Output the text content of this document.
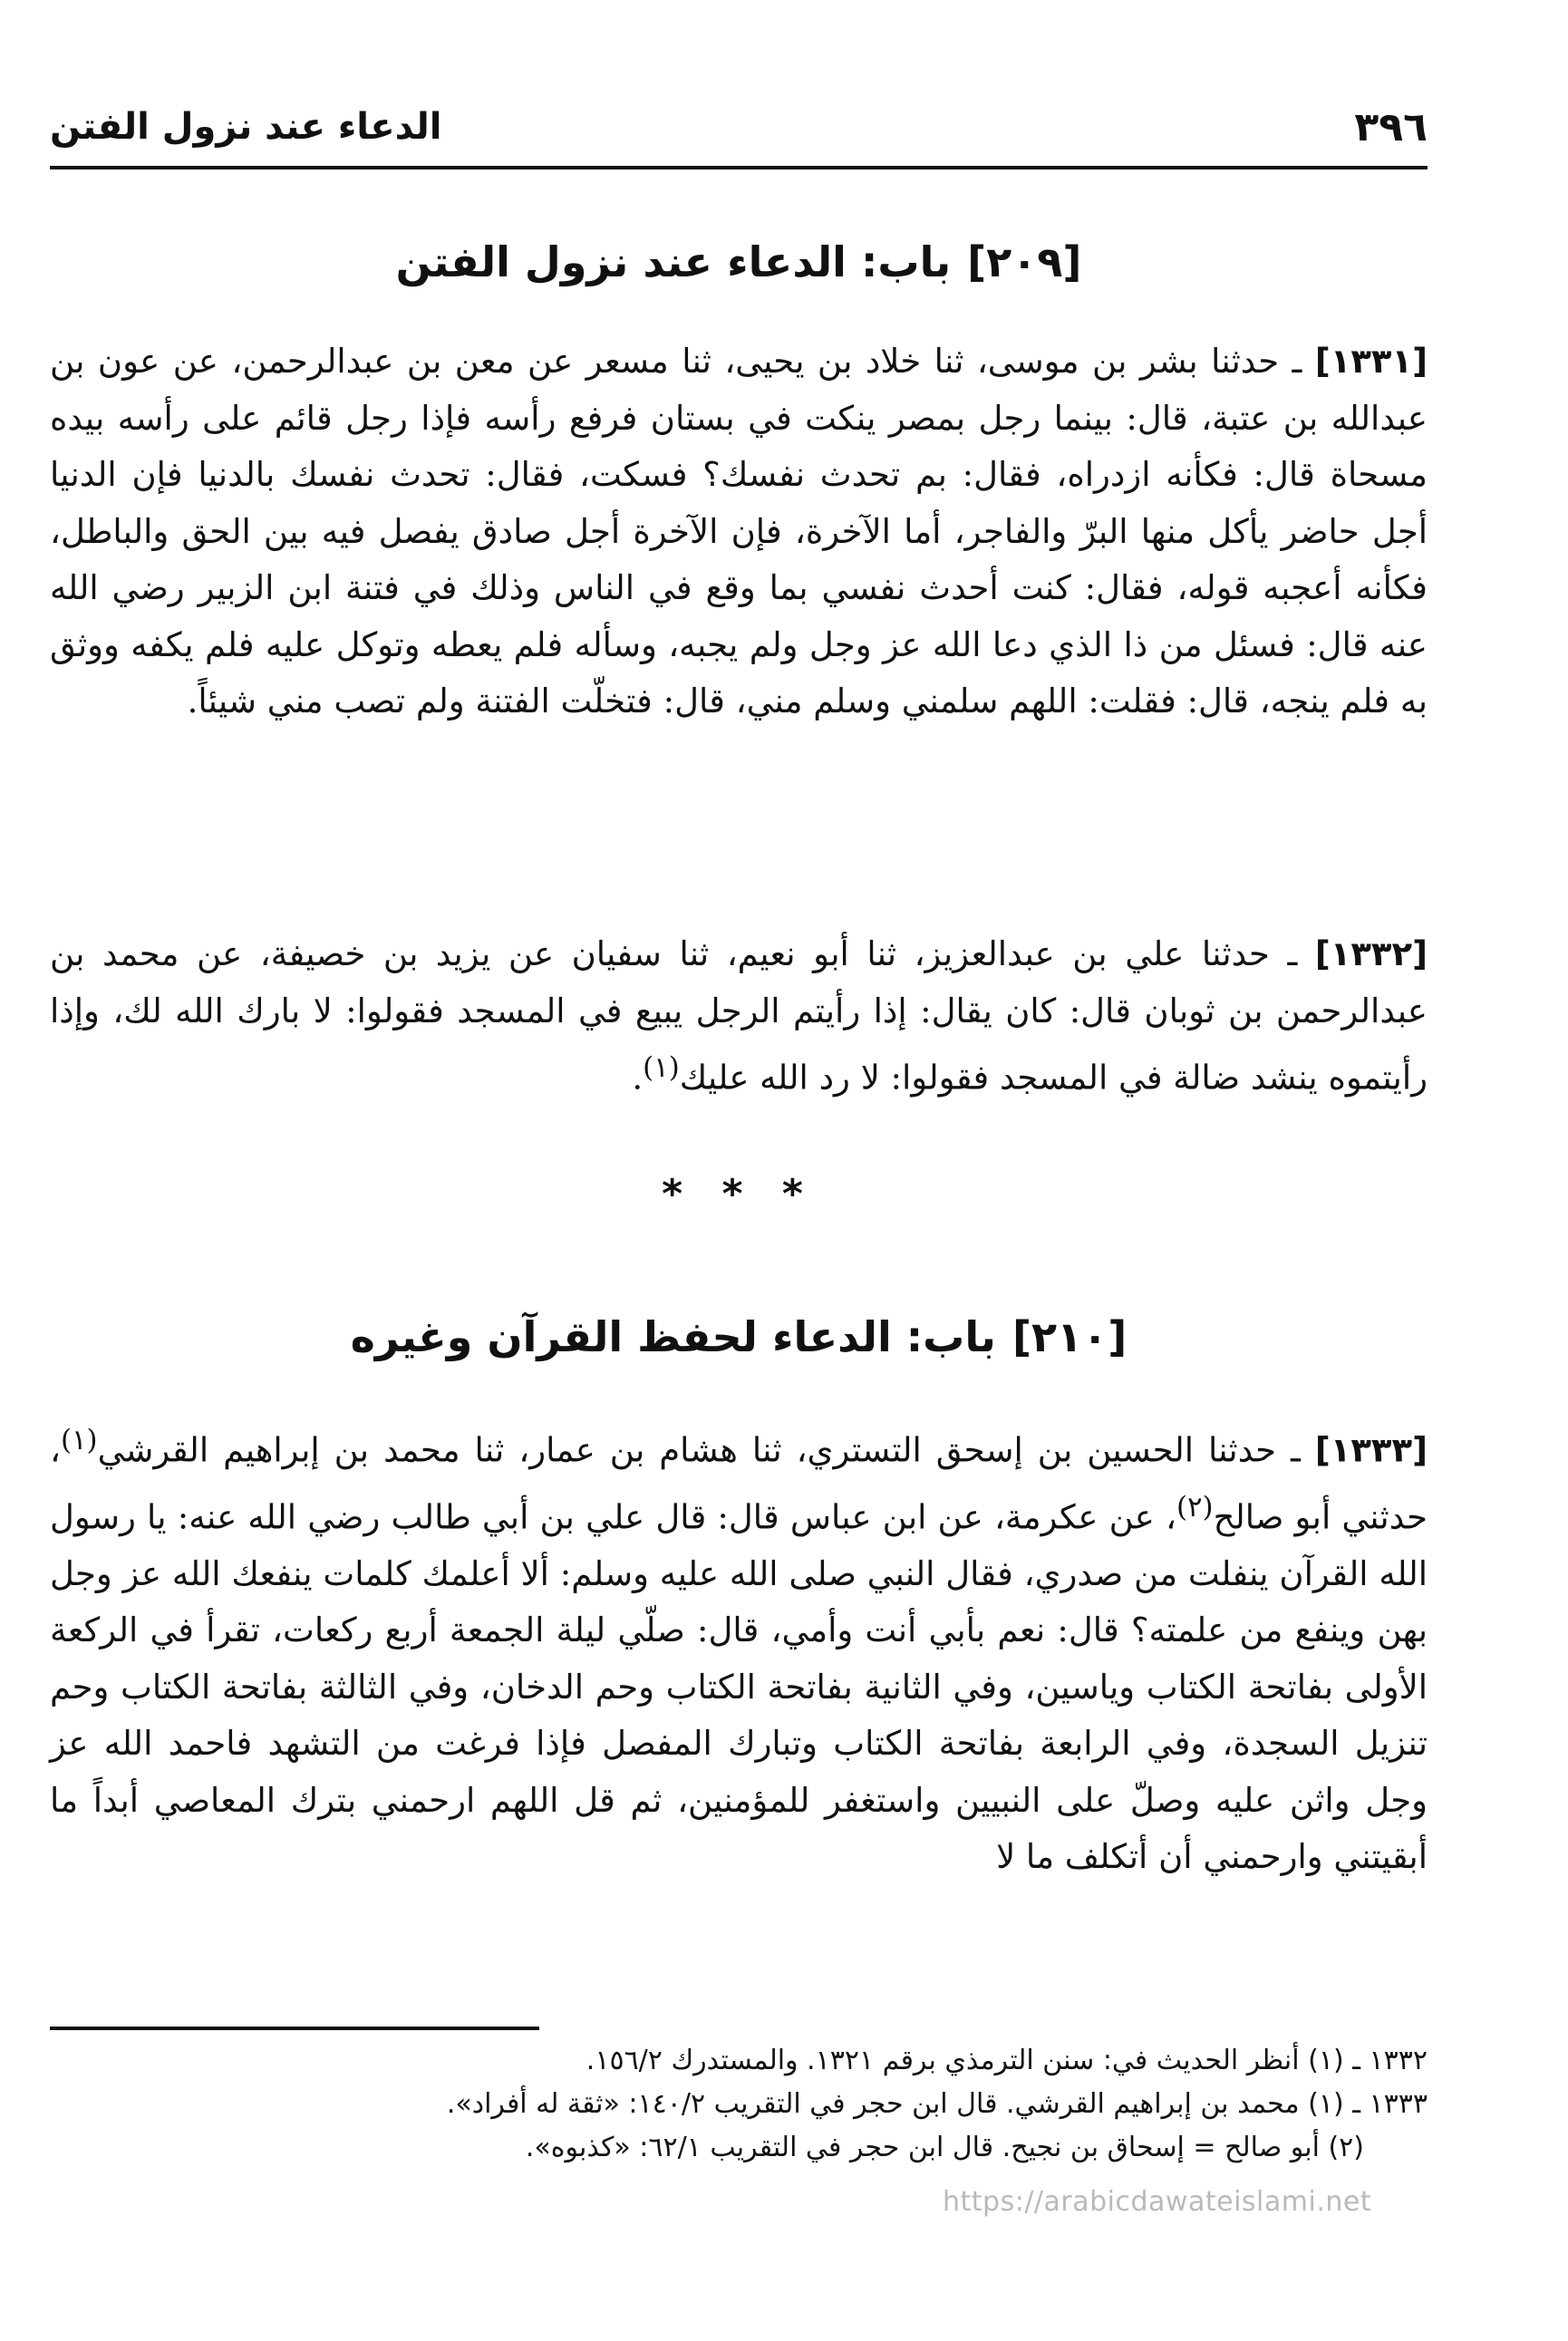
٣٩٦
الدعاء عند نزول الفتن
[٢٠٩]باب: الدعاء عند نزول الفتن
[١٣٣١] ـ حدثنا بشر بن موسى، ثنا خلاد بن يحيى، ثنا مسعر عن معن بن عبدالرحمن، عن عون بن عبدالله بن عتبة، قال: بينما رجل بمصر ينكت في بستان فرفع رأسه فإذا رجل قائم على رأسه بيده مسحاة قال: فكأنه ازدراه، فقال: بم تحدث نفسك؟ فسكت، فقال: تحدث نفسك بالدنيا فإن الدنيا أجل حاضر يأكل منها البرّ والفاجر، أما الآخرة، فإن الآخرة أجل صادق يفصل فيه بين الحق والباطل، فكأنه أعجبه قوله، فقال: كنت أحدث نفسي بما وقع في الناس وذلك في فتنة ابن الزبير رضي الله عنه قال: فسئل من ذا الذي دعا الله عز وجل ولم يجبه، وسأله فلم يعطه وتوكل عليه فلم يكفه ووثق به فلم ينجه، قال: فقلت: اللهم سلمني وسلم مني، قال: فتخلّت الفتنة ولم تصب مني شيئاً.
[١٣٣٢] ـ حدثنا علي بن عبدالعزيز، ثنا أبو نعيم، ثنا سفيان عن يزيد بن خصيفة، عن محمد بن عبدالرحمن بن ثوبان قال: كان يقال: إذا رأيتم الرجل يبيع في المسجد فقولوا: لا بارك الله لك، وإذا رأيتموه ينشد ضالة في المسجد فقولوا: لا رد الله عليك$^{(١)}$.
* * *
[٢١٠]باب: الدعاء لحفظ القرآن وغيره
[١٣٣٣] ـ حدثنا الحسين بن إسحق التستري، ثنا هشام بن عمار، ثنا محمد بن إبراهيم القرشي$^{(١)}$، حدثني أبو صالح$^{(٢)}$، عن عكرمة، عن ابن عباس قال: قال علي بن أبي طالب رضي الله عنه: يا رسول الله القرآن ينفلت من صدري، فقال النبي صلى الله عليه وسلم: ألا أعلمك كلمات ينفعك الله عز وجل بهن وينفع من علمته؟ قال: نعم بأبي أنت وأمي، قال: صلّي ليلة الجمعة أربع ركعات، تقرأ في الركعة الأولى بفاتحة الكتاب وياسين، وفي الثانية بفاتحة الكتاب وحم الدخان، وفي الثالثة بفاتحة الكتاب وحم تنزيل السجدة، وفي الرابعة بفاتحة الكتاب وتبارك المفصل فإذا فرغت من التشهد فاحمد الله عز وجل واثن عليه وصلّ على النبيين واستغفر للمؤمنين، ثم قل اللهم ارحمني بترك المعاصي أبداً ما أبقيتني وارحمني أن أتكلف ما لا
١٣٣٢ ـ (١) أنظر الحديث في: سنن الترمذي برقم ١٣٢١. والمستدرك ١٥٦/٢.
١٣٣٣ ـ (١) محمد بن إبراهيم القرشي. قال ابن حجر في التقريب ١٤٠/٢: «ثقة له أفراد».
(٢) أبو صالح = إسحاق بن نجيح. قال ابن حجر في التقريب ٦٢/١: «كذبوه».
https://arabicdawateislami.net
